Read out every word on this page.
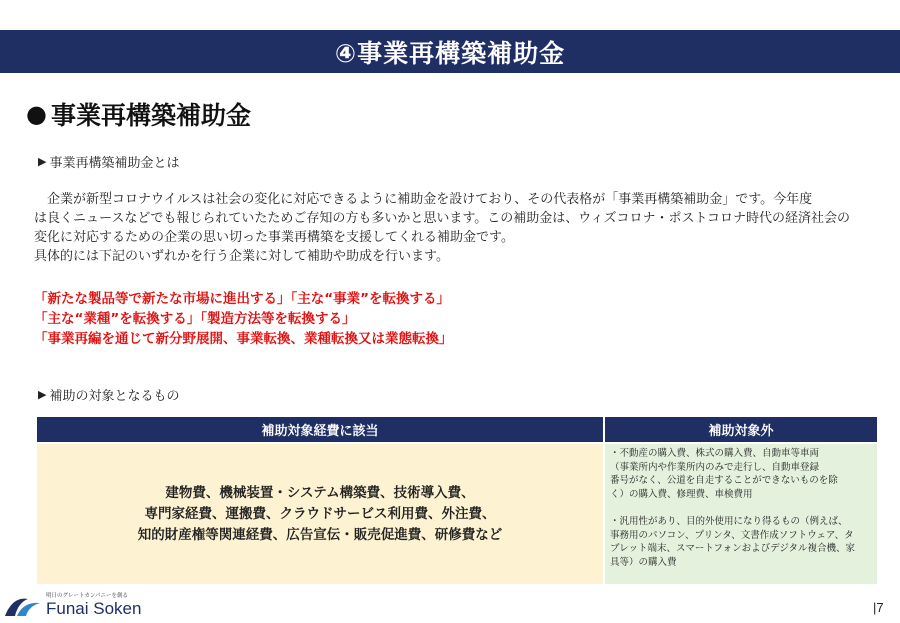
④事業再構築補助金
● 事業再構築補助金
▶ 事業再構築補助金とは

　企業が新型コロナウイルスは社会の変化に対応できるように補助金を設けており、その代表格が「事業再構築補助金」です。今年度

は良くニュースなどでも報じられていたためご存知の方も多いかと思います。この補助金は、ウィズコロナ・ポストコロナ時代の経済社会の

変化に対応するための企業の思い切った事業再構築を支援してくれる補助金です。

具体的には下記のいずれかを行う企業に対して補助や助成を行います。

「新たな製品等で新たな市場に進出する」「主な“事業”を転換する」

「主な“業種”を転換する」「製造方法等を転換する」

「事業再編を通じて新分野展開、事業転換、業種転換又は業態転換」

▶ 補助の対象となるもの
補助対象経費に該当	補助対象外

建物費、機械装置・システム構築費、技術導入費、

専門家経費、運搬費、クラウドサービス利用費、外注費、

知的財産権等関連経費、広告宣伝・販売促進費、研修費など

・不動産の購入費、株式の購入費、自動車等車両

（事業所内や作業所内のみで走行し、自動車登録

番号がなく、公道を自走することができないものを除

く）の購入費、修理費、車検費用

・汎用性があり、目的外使用になり得るもの（例えば、

事務用のパソコン、プリンタ、文書作成ソフトウェア、タ

ブレット端末、スマートフォンおよびデジタル複合機、家

具等）の購入費

明日のグレートカンパニーを創る
Funai Soken	|7
